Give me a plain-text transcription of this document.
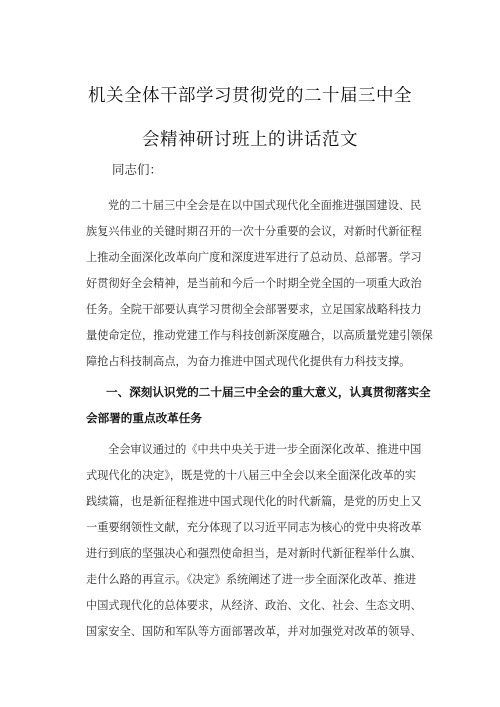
机关全体干部学习贯彻党的二十届三中全
会精神研讨班上的讲话范文
同志们：
党的二十届三中全会是在以中国式现代化全面推进强国建设、民
族复兴伟业的关键时期召开的一次十分重要的会议，对新时代新征程
上推动全面深化改革向广度和深度进军进行了总动员、总部署。学习
好贯彻好全会精神，是当前和今后一个时期全党全国的一项重大政治
任务。全院干部要认真学习贯彻全会部署要求，立足国家战略科技力
量使命定位，推动党建工作与科技创新深度融合，以高质量党建引领保
障抢占科技制高点，为奋力推进中国式现代化提供有力科技支撑。
一、深刻认识党的二十届三中全会的重大意义，认真贯彻落实全
会部署的重点改革任务
全会审议通过的《中共中央关于进一步全面深化改革、推进中国
式现代化的决定》，既是党的十八届三中全会以来全面深化改革的实
践续篇，也是新征程推进中国式现代化的时代新篇，是党的历史上又
一重要纲领性文献，充分体现了以习近平同志为核心的党中央将改革
进行到底的坚强决心和强烈使命担当，是对新时代新征程举什么旗、
走什么路的再宣示。《决定》系统阐述了进一步全面深化改革、推进
中国式现代化的总体要求，从经济、政治、文化、社会、生态文明、
国家安全、国防和军队等方面部署改革，并对加强党对改革的领导、
